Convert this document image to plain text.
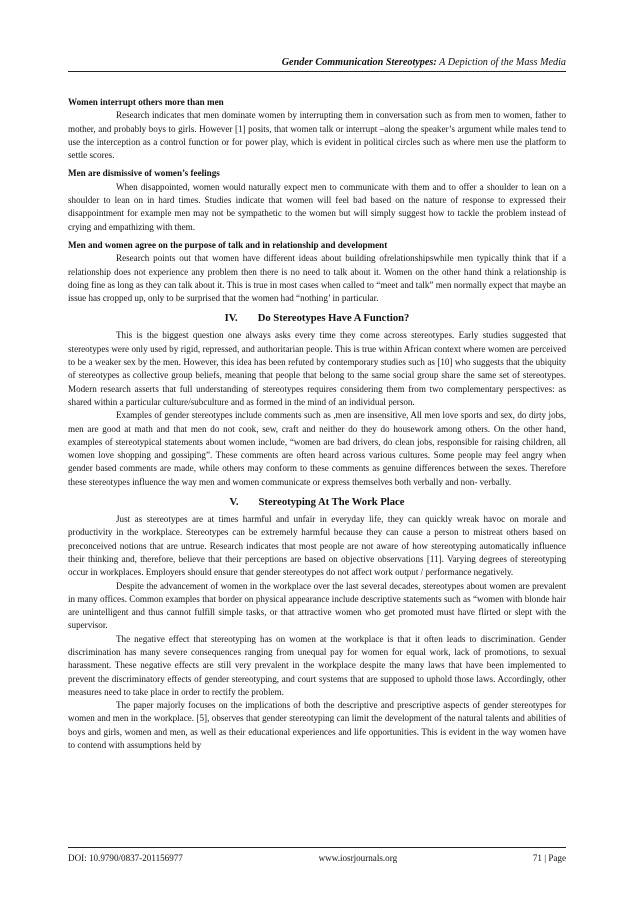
Gender Communication Stereotypes: A Depiction of the Mass Media

Women interrupt others more than men

Research indicates that men dominate women by interrupting them in conversation such as from men to women, father to mother, and probably boys to girls. However [1] posits, that women talk or interrupt –along the speaker’s argument while males tend to use the interception as a control function or for power play, which is evident in political circles such as where men use the platform to settle scores.

Men are dismissive of women’s feelings

When disappointed, women would naturally expect men to communicate with them and to offer a shoulder to lean on a shoulder to lean on in hard times. Studies indicate that women will feel bad based on the nature of response to expressed their disappointment for example men may not be sympathetic to the women but will simply suggest how to tackle the problem instead of crying and empathizing with them.

Men and women agree on the purpose of talk and in relationship and development

Research points out that women have different ideas about building ofrelationshipswhile men typically think that if a relationship does not experience any problem then there is no need to talk about it. Women on the other hand think a relationship is doing fine as long as they can talk about it. This is true in most cases when called to “meet and talk” men normally expect that maybe an issue has cropped up, only to be surprised that the women had “nothing’ in particular.

IV. Do Stereotypes Have A Function?

This is the biggest question one always asks every time they come across stereotypes. Early studies suggested that stereotypes were only used by rigid, repressed, and authoritarian people. This is true within African context where women are perceived to be a weaker sex by the men. However, this idea has been refuted by contemporary studies such as [10] who suggests that the ubiquity of stereotypes as collective group beliefs, meaning that people that belong to the same social group share the same set of stereotypes. Modern research asserts that full understanding of stereotypes requires considering them from two complementary perspectives: as shared within a particular culture/subculture and as formed in the mind of an individual person.

Examples of gender stereotypes include comments such as ,men are insensitive, All men love sports and sex, do dirty jobs, men are good at math and that men do not cook, sew, craft and neither do they do housework among others. On the other hand, examples of stereotypical statements about women include, “women are bad drivers, do clean jobs, responsible for raising children, all women love shopping and gossiping”. These comments are often heard across various cultures. Some people may feel angry when gender based comments are made, while others may conform to these comments as genuine differences between the sexes. Therefore these stereotypes influence the way men and women communicate or express themselves both verbally and non- verbally.

V. Stereotyping At The Work Place

Just as stereotypes are at times harmful and unfair in everyday life, they can quickly wreak havoc on morale and productivity in the workplace. Stereotypes can be extremely harmful because they can cause a person to mistreat others based on preconceived notions that are untrue. Research indicates that most people are not aware of how stereotyping automatically influence their thinking and, therefore, believe that their perceptions are based on objective observations [11]. Varying degrees of stereotyping occur in workplaces. Employers should ensure that gender stereotypes do not affect work output / performance negatively.

Despite the advancement of women in the workplace over the last several decades, stereotypes about women are prevalent in many offices. Common examples that border on physical appearance include descriptive statements such as “women with blonde hair are unintelligent and thus cannot fulfill simple tasks, or that attractive women who get promoted must have flirted or slept with the supervisor.

The negative effect that stereotyping has on women at the workplace is that it often leads to discrimination. Gender discrimination has many severe consequences ranging from unequal pay for women for equal work, lack of promotions, to sexual harassment. These negative effects are still very prevalent in the workplace despite the many laws that have been implemented to prevent the discriminatory effects of gender stereotyping, and court systems that are supposed to uphold those laws. Accordingly, other measures need to take place in order to rectify the problem.

The paper majorly focuses on the implications of both the descriptive and prescriptive aspects of gender stereotypes for women and men in the workplace. [5], observes that gender stereotyping can limit the development of the natural talents and abilities of boys and girls, women and men, as well as their educational experiences and life opportunities. This is evident in the way women have to contend with assumptions held by

DOI: 10.9790/0837-201156977	www.iosrjournals.org	71 | Page
